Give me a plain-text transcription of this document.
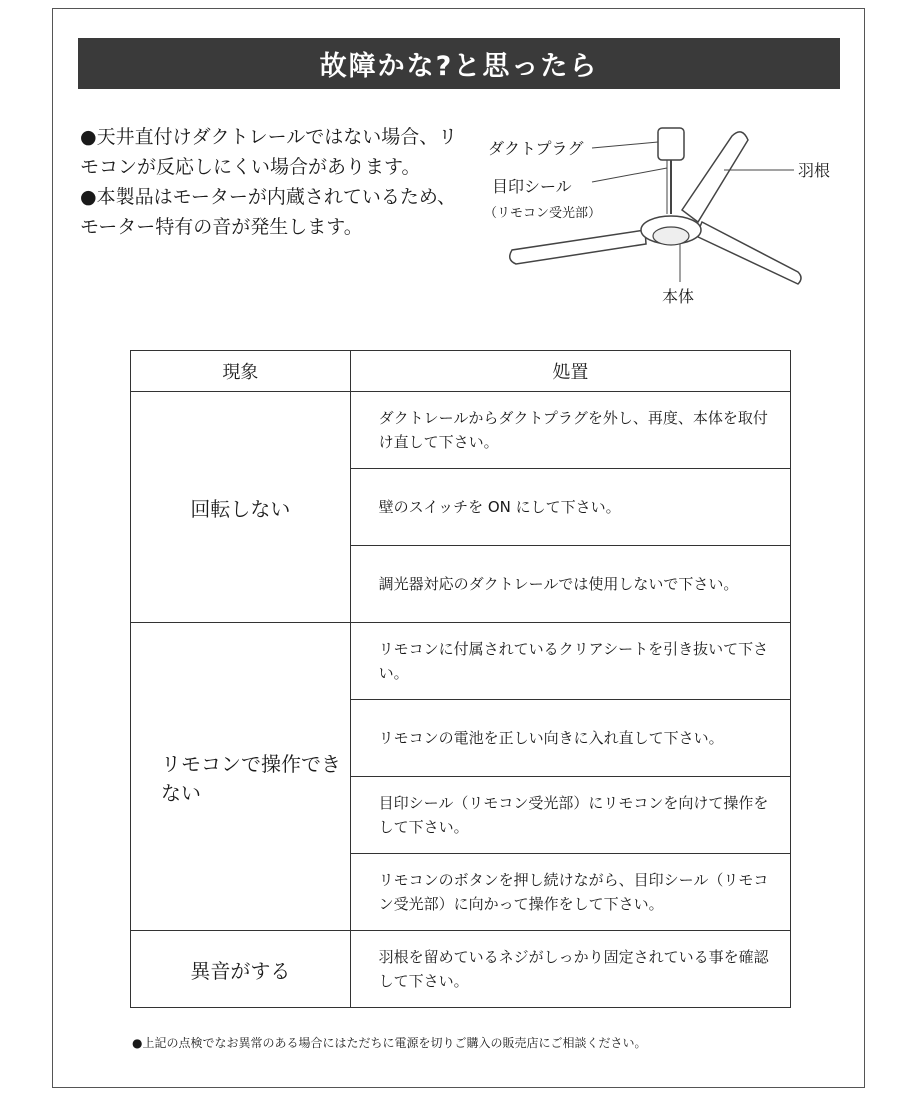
故障かな?と思ったら

●天井直付けダクトレールではない場合、リモコンが反応しにくい場合があります。

●本製品はモーターが内蔵されているため、モーター特有の音が発生します。

ダクトプラグ
目印シール
（リモコン受光部）
羽根
本体
現象	処置
回転しない	ダクトレールからダクトプラグを外し、再度、本体を取付け直して下さい。
	壁のスイッチを ON にして下さい。
	調光器対応のダクトレールでは使用しないで下さい。
リモコンで操作できない	リモコンに付属されているクリアシートを引き抜いて下さい。
	リモコンの電池を正しい向きに入れ直して下さい。
	目印シール（リモコン受光部）にリモコンを向けて操作をして下さい。
	リモコンのボタンを押し続けながら、目印シール（リモコン受光部）に向かって操作をして下さい。
異音がする	羽根を留めているネジがしっかり固定されている事を確認して下さい。
●上記の点検でなお異常のある場合にはただちに電源を切りご購入の販売店にご相談ください。
